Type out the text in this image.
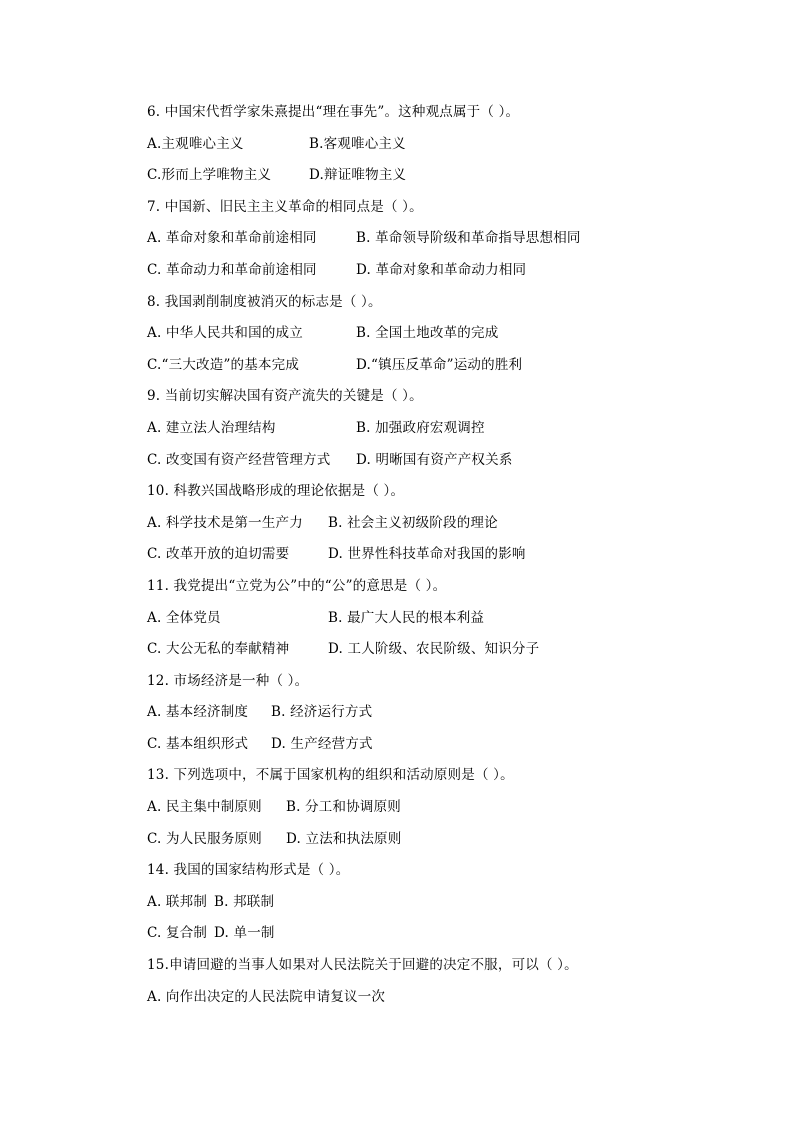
6. 中国宋代哲学家朱熹提出“理在事先”。这种观点属于（ ）。
A.主观唯心主义	B.客观唯心主义
C.形而上学唯物主义	D.辩证唯物主义
7. 中国新、旧民主主义革命的相同点是（ ）。
A. 革命对象和革命前途相同	B. 革命领导阶级和革命指导思想相同
C. 革命动力和革命前途相同	D. 革命对象和革命动力相同
8. 我国剥削制度被消灭的标志是（ ）。
A. 中华人民共和国的成立	B. 全国土地改革的完成
C.“三大改造”的基本完成	D.“镇压反革命”运动的胜利
9. 当前切实解决国有资产流失的关键是（ ）。
A. 建立法人治理结构	B. 加强政府宏观调控
C. 改变国有资产经营管理方式	D. 明晰国有资产产权关系
10. 科教兴国战略形成的理论依据是（ ）。
A. 科学技术是第一生产力	B. 社会主义初级阶段的理论
C. 改革开放的迫切需要	D. 世界性科技革命对我国的影响
11. 我党提出“立党为公”中的“公”的意思是（ ）。
A. 全体党员	B. 最广大人民的根本利益
C. 大公无私的奉献精神	D. 工人阶级、农民阶级、知识分子
12. 市场经济是一种（ ）。
A. 基本经济制度	B. 经济运行方式
C. 基本组织形式	D. 生产经营方式
13. 下列选项中，不属于国家机构的组织和活动原则是（ ）。
A. 民主集中制原则	B. 分工和协调原则
C. 为人民服务原则	D. 立法和执法原则
14. 我国的国家结构形式是（ ）。
A. 联邦制 B. 邦联制
C. 复合制 D. 单一制
15.申请回避的当事人如果对人民法院关于回避的决定不服，可以（ ）。
A. 向作出决定的人民法院申请复议一次
